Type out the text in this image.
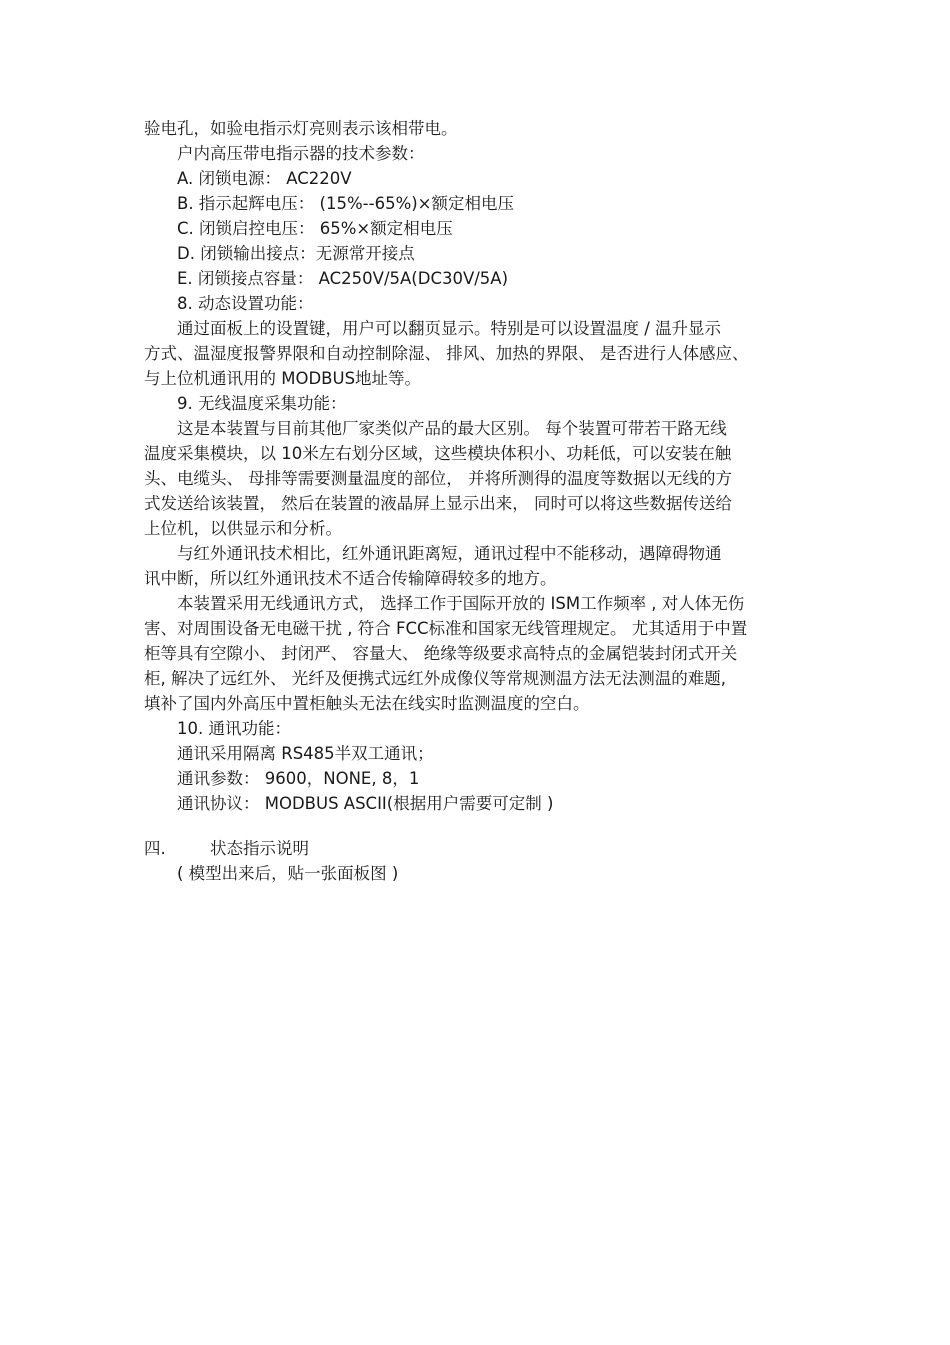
验电孔，如验电指示灯亮则表示该相带电。
户内高压带电指示器的技术参数：
A. 闭锁电源： AC220V
B. 指示起辉电压： (15%--65%)×额定相电压
C. 闭锁启控电压： 65%×额定相电压
D. 闭锁输出接点：无源常开接点
E. 闭锁接点容量： AC250V/5A(DC30V/5A)
8. 动态设置功能：
通过面板上的设置键，用户可以翻页显示。特别是可以设置温度 / 温升显示
方式、温湿度报警界限和自动控制除湿、 排风、加热的界限、 是否进行人体感应、
与上位机通讯用的 MODBUS地址等。
9. 无线温度采集功能：
这是本装置与目前其他厂家类似产品的最大区别。 每个装置可带若干路无线
温度采集模块，以 10米左右划分区域，这些模块体积小、功耗低，可以安装在触
头、电缆头、 母排等需要测量温度的部位， 并将所测得的温度等数据以无线的方
式发送给该装置， 然后在装置的液晶屏上显示出来， 同时可以将这些数据传送给
上位机，以供显示和分析。
与红外通讯技术相比，红外通讯距离短，通讯过程中不能移动，遇障碍物通
讯中断，所以红外通讯技术不适合传输障碍较多的地方。
本装置采用无线通讯方式， 选择工作于国际开放的 ISM工作频率 , 对人体无伤
害、对周围设备无电磁干扰 , 符合 FCC标准和国家无线管理规定。 尤其适用于中置
柜等具有空隙小、 封闭严、 容量大、 绝缘等级要求高特点的金属铠装封闭式开关
柜, 解决了远红外、 光纤及便携式远红外成像仪等常规测温方法无法测温的难题,
填补了国内外高压中置柜触头无法在线实时监测温度的空白。
10. 通讯功能：
通讯采用隔离 RS485半双工通讯；
通讯参数： 9600，NONE, 8，1
通讯协议： MODBUS ASCII(根据用户需要可定制 )
四.	状态指示说明
( 模型出来后，贴一张面板图 )
